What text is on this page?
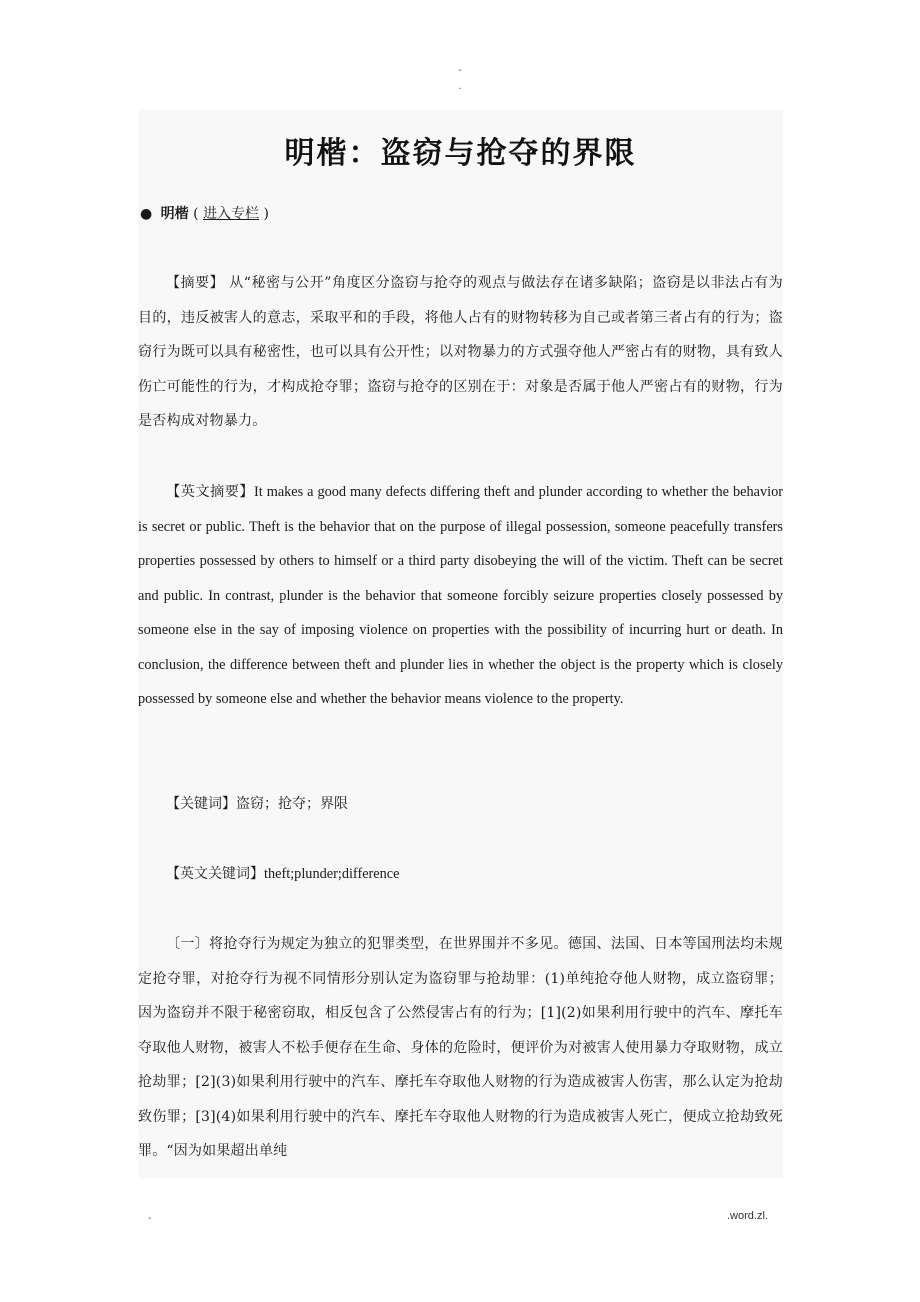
-
.
明楷：盗窃与抢夺的界限
● 明楷 ( 进入专栏 )

【摘要】 从“秘密与公开”角度区分盗窃与抢夺的观点与做法存在诸多缺陷；盗窃是以非法占有为目的，违反被害人的意志，采取平和的手段，将他人占有的财物转移为自己或者第三者占有的行为；盗窃行为既可以具有秘密性，也可以具有公开性；以对物暴力的方式强夺他人严密占有的财物，具有致人伤亡可能性的行为，才构成抢夺罪；盗窃与抢夺的区别在于：对象是否属于他人严密占有的财物，行为是否构成对物暴力。

【英文摘要】It makes a good many defects differing theft and plunder according to whether the behavior is secret or public. Theft is the behavior that on the purpose of illegal possession, someone peacefully transfers properties possessed by others to himself or a third party disobeying the will of the victim. Theft can be secret and public. In contrast, plunder is the behavior that someone forcibly seizure properties closely possessed by someone else in the say of imposing violence on properties with the possibility of incurring hurt or death. In conclusion, the difference between theft and plunder lies in whether the object is the property which is closely possessed by someone else and whether the behavior means violence to the property.

【关键词】盗窃；抢夺；界限

【英文关键词】theft;plunder;difference

〔一〕将抢夺行为规定为独立的犯罪类型，在世界围并不多见。德国、法国、日本等国刑法均未规定抢夺罪，对抢夺行为视不同情形分别认定为盗窃罪与抢劫罪：(1)单纯抢夺他人财物，成立盗窃罪；因为盗窃并不限于秘密窃取，相反包含了公然侵害占有的行为；[1](2)如果利用行驶中的汽车、摩托车夺取他人财物，被害人不松手便存在生命、身体的危险时，便评价为对被害人使用暴力夺取财物，成立抢劫罪；[2](3)如果利用行驶中的汽车、摩托车夺取他人财物的行为造成被害人伤害，那么认定为抢劫致伤罪；[3](4)如果利用行驶中的汽车、摩托车夺取他人财物的行为造成被害人死亡，便成立抢劫致死罪。“因为如果超出单纯

-	.word.zl.
